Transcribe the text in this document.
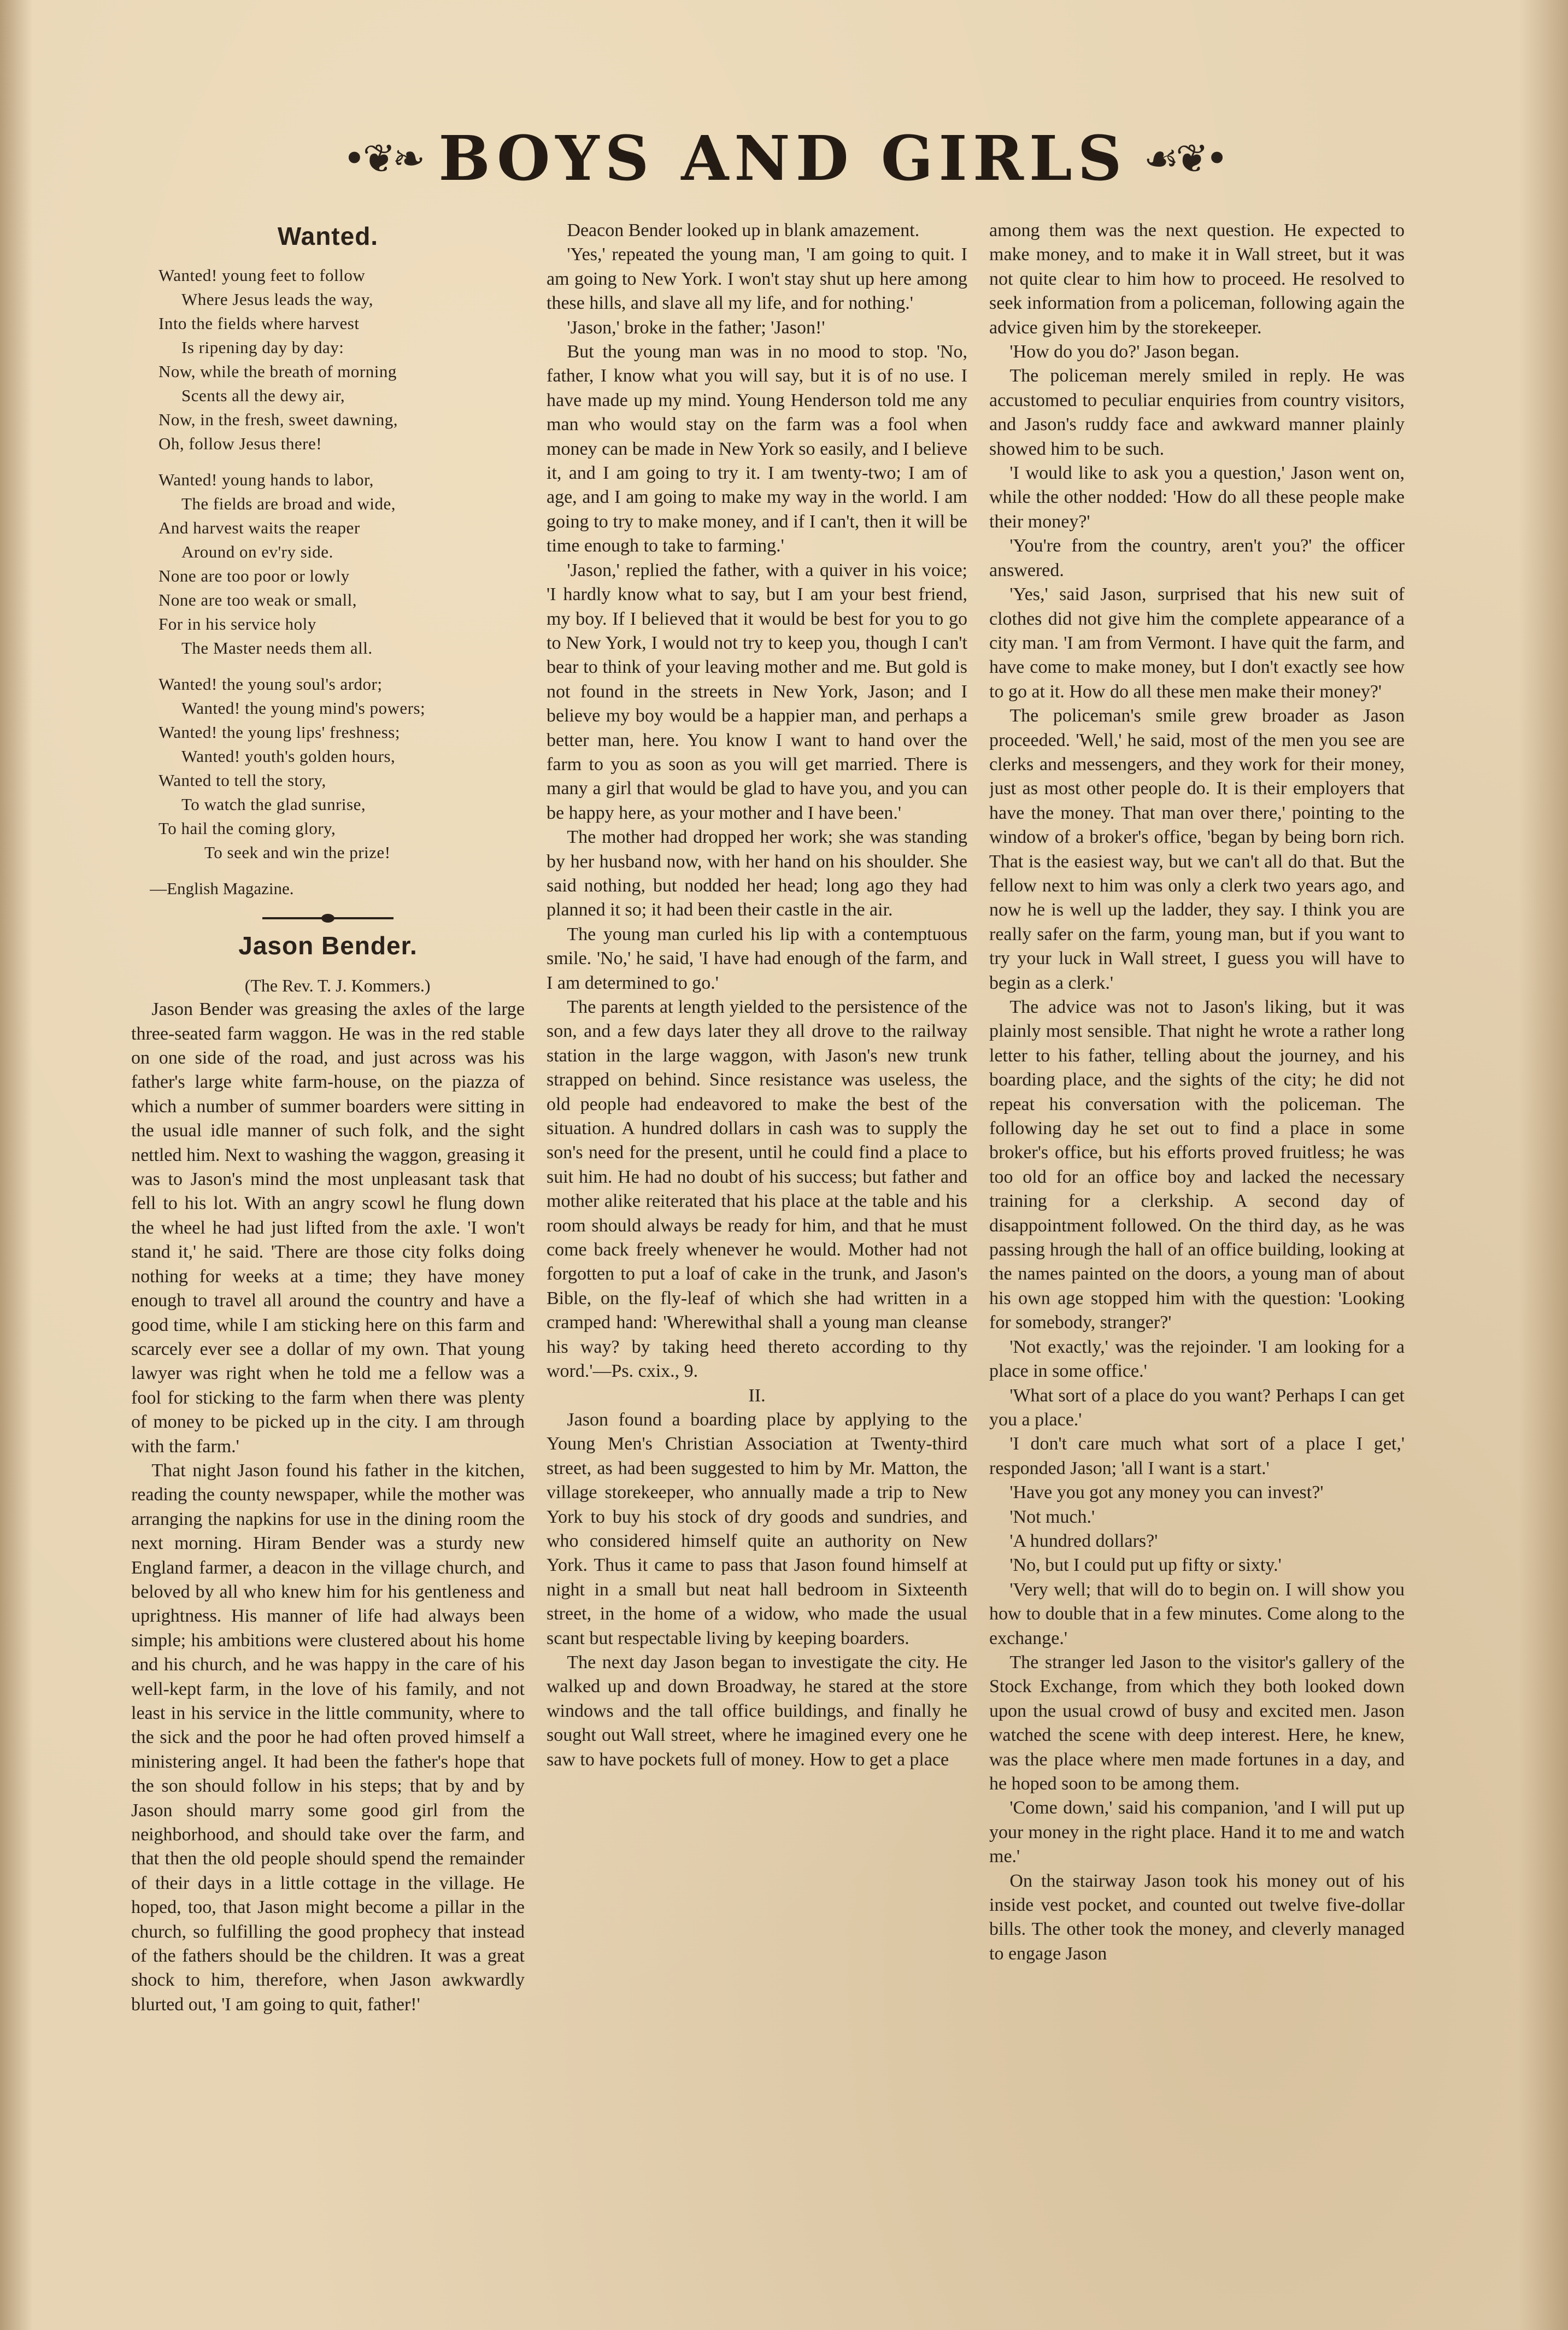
•❦❧ BOYS AND GIRLS ☙❦•
Wanted.
Wanted! young feet to follow
Where Jesus leads the way,
Into the fields where harvest
Is ripening day by day:
Now, while the breath of morning
Scents all the dewy air,
Now, in the fresh, sweet dawning,
Oh, follow Jesus there!
Wanted! young hands to labor,
The fields are broad and wide,
And harvest waits the reaper
Around on ev'ry side.
None are too poor or lowly
None are too weak or small,
For in his service holy
The Master needs them all.
Wanted! the young soul's ardor;
Wanted! the young mind's powers;
Wanted! the young lips' freshness;
Wanted! youth's golden hours,
Wanted to tell the story,
To watch the glad sunrise,
To hail the coming glory,
To seek and win the prize!

—English Magazine.

Jason Bender.

(The Rev. T. J. Kommers.)

Jason Bender was greasing the axles of the large three-seated farm waggon. He was in the red stable on one side of the road, and just across was his father's large white farm-house, on the piazza of which a number of summer boarders were sitting in the usual idle manner of such folk, and the sight nettled him. Next to washing the waggon, greasing it was to Jason's mind the most unpleasant task that fell to his lot. With an angry scowl he flung down the wheel he had just lifted from the axle. 'I won't stand it,' he said. 'There are those city folks doing nothing for weeks at a time; they have money enough to travel all around the country and have a good time, while I am sticking here on this farm and scarcely ever see a dollar of my own. That young lawyer was right when he told me a fellow was a fool for sticking to the farm when there was plenty of money to be picked up in the city. I am through with the farm.'

That night Jason found his father in the kitchen, reading the county newspaper, while the mother was arranging the napkins for use in the dining room the next morning. Hiram Bender was a sturdy new England farmer, a deacon in the village church, and beloved by all who knew him for his gentleness and uprightness. His manner of life had always been simple; his ambitions were clustered about his home and his church, and he was happy in the care of his well-kept farm, in the love of his family, and not least in his service in the little community, where to the sick and the poor he had often proved himself a ministering angel. It had been the father's hope that the son should follow in his steps; that by and by Jason should marry some good girl from the neighborhood, and should take over the farm, and that then the old people should spend the remainder of their days in a little cottage in the village. He hoped, too, that Jason might become a pillar in the church, so fulfilling the good prophecy that instead of the fathers should be the children. It was a great shock to him, therefore, when Jason awkwardly blurted out, 'I am going to quit, father!'

Deacon Bender looked up in blank amazement.

'Yes,' repeated the young man, 'I am going to quit. I am going to New York. I won't stay shut up here among these hills, and slave all my life, and for nothing.'

'Jason,' broke in the father; 'Jason!'

But the young man was in no mood to stop. 'No, father, I know what you will say, but it is of no use. I have made up my mind. Young Henderson told me any man who would stay on the farm was a fool when money can be made in New York so easily, and I believe it, and I am going to try it. I am twenty-two; I am of age, and I am going to make my way in the world. I am going to try to make money, and if I can't, then it will be time enough to take to farming.'

'Jason,' replied the father, with a quiver in his voice; 'I hardly know what to say, but I am your best friend, my boy. If I believed that it would be best for you to go to New York, I would not try to keep you, though I can't bear to think of your leaving mother and me. But gold is not found in the streets in New York, Jason; and I believe my boy would be a happier man, and perhaps a better man, here. You know I want to hand over the farm to you as soon as you will get married. There is many a girl that would be glad to have you, and you can be happy here, as your mother and I have been.'

The mother had dropped her work; she was standing by her husband now, with her hand on his shoulder. She said nothing, but nodded her head; long ago they had planned it so; it had been their castle in the air.

The young man curled his lip with a contemptuous smile. 'No,' he said, 'I have had enough of the farm, and I am determined to go.'

The parents at length yielded to the persistence of the son, and a few days later they all drove to the railway station in the large waggon, with Jason's new trunk strapped on behind. Since resistance was useless, the old people had endeavored to make the best of the situation. A hundred dollars in cash was to supply the son's need for the present, until he could find a place to suit him. He had no doubt of his success; but father and mother alike reiterated that his place at the table and his room should always be ready for him, and that he must come back freely whenever he would. Mother had not forgotten to put a loaf of cake in the trunk, and Jason's Bible, on the fly-leaf of which she had written in a cramped hand: 'Wherewithal shall a young man cleanse his way? by taking heed thereto according to thy word.'—Ps. cxix., 9.

II.

Jason found a boarding place by applying to the Young Men's Christian Association at Twenty-third street, as had been suggested to him by Mr. Matton, the village storekeeper, who annually made a trip to New York to buy his stock of dry goods and sundries, and who considered himself quite an authority on New York. Thus it came to pass that Jason found himself at night in a small but neat hall bedroom in Sixteenth street, in the home of a widow, who made the usual scant but respectable living by keeping boarders.

The next day Jason began to investigate the city. He walked up and down Broadway, he stared at the store windows and the tall office buildings, and finally he sought out Wall street, where he imagined every one he saw to have pockets full of money. How to get a place

among them was the next question. He expected to make money, and to make it in Wall street, but it was not quite clear to him how to proceed. He resolved to seek information from a policeman, following again the advice given him by the storekeeper.

'How do you do?' Jason began.

The policeman merely smiled in reply. He was accustomed to peculiar enquiries from country visitors, and Jason's ruddy face and awkward manner plainly showed him to be such.

'I would like to ask you a question,' Jason went on, while the other nodded: 'How do all these people make their money?'

'You're from the country, aren't you?' the officer answered.

'Yes,' said Jason, surprised that his new suit of clothes did not give him the complete appearance of a city man. 'I am from Vermont. I have quit the farm, and have come to make money, but I don't exactly see how to go at it. How do all these men make their money?'

The policeman's smile grew broader as Jason proceeded. 'Well,' he said, most of the men you see are clerks and messengers, and they work for their money, just as most other people do. It is their employers that have the money. That man over there,' pointing to the window of a broker's office, 'began by being born rich. That is the easiest way, but we can't all do that. But the fellow next to him was only a clerk two years ago, and now he is well up the ladder, they say. I think you are really safer on the farm, young man, but if you want to try your luck in Wall street, I guess you will have to begin as a clerk.'

The advice was not to Jason's liking, but it was plainly most sensible. That night he wrote a rather long letter to his father, telling about the journey, and his boarding place, and the sights of the city; he did not repeat his conversation with the policeman. The following day he set out to find a place in some broker's office, but his efforts proved fruitless; he was too old for an office boy and lacked the necessary training for a clerkship. A second day of disappointment followed. On the third day, as he was passing hrough the hall of an office building, looking at the names painted on the doors, a young man of about his own age stopped him with the question: 'Looking for somebody, stranger?'

'Not exactly,' was the rejoinder. 'I am looking for a place in some office.'

'What sort of a place do you want? Perhaps I can get you a place.'

'I don't care much what sort of a place I get,' responded Jason; 'all I want is a start.'

'Have you got any money you can invest?'

'Not much.'

'A hundred dollars?'

'No, but I could put up fifty or sixty.'

'Very well; that will do to begin on. I will show you how to double that in a few minutes. Come along to the exchange.'

The stranger led Jason to the visitor's gallery of the Stock Exchange, from which they both looked down upon the usual crowd of busy and excited men. Jason watched the scene with deep interest. Here, he knew, was the place where men made fortunes in a day, and he hoped soon to be among them.

'Come down,' said his companion, 'and I will put up your money in the right place. Hand it to me and watch me.'

On the stairway Jason took his money out of his inside vest pocket, and counted out twelve five-dollar bills. The other took the money, and cleverly managed to engage Jason
